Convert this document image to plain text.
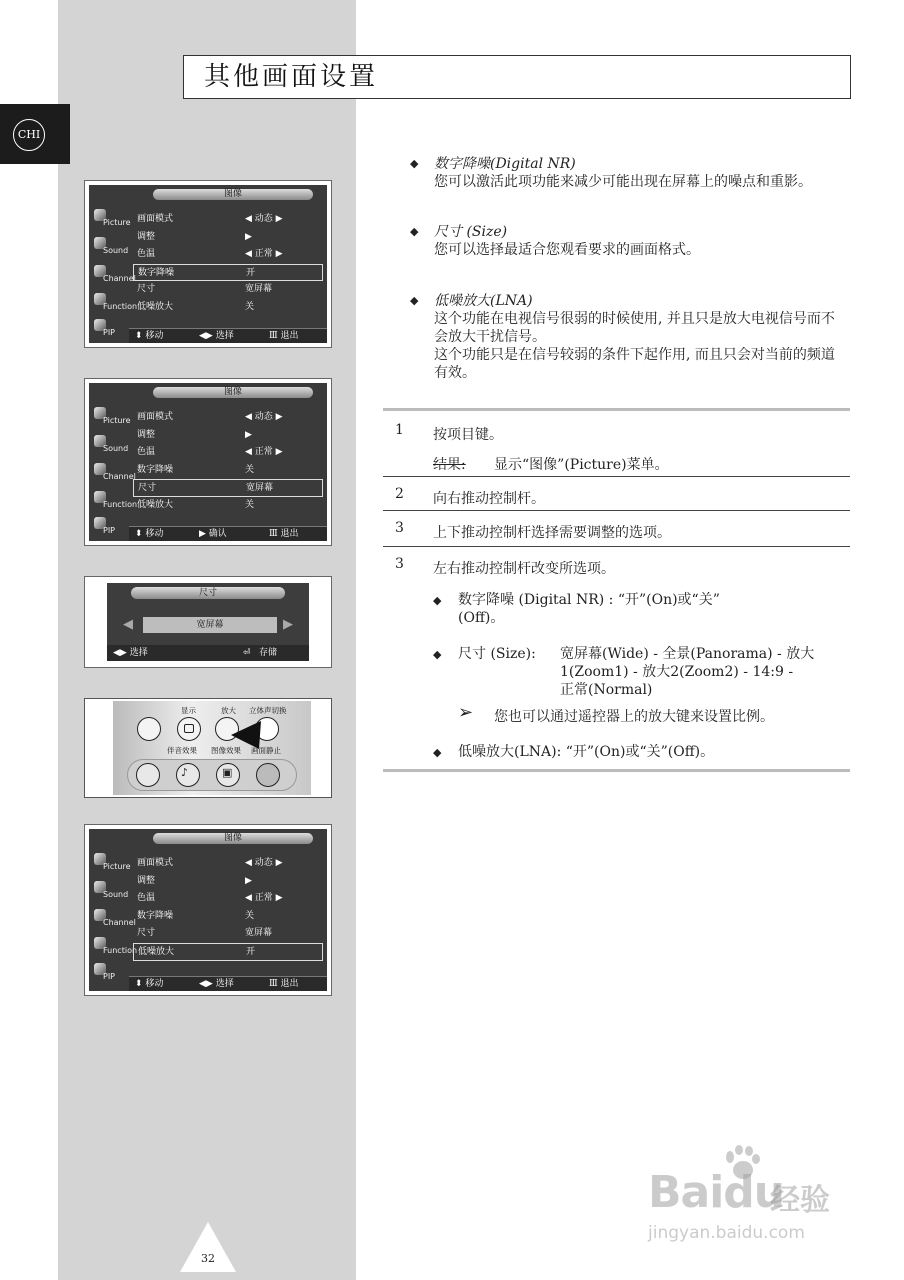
其他画面设置
CHI
图像
Picture
Sound
Channel
Function
PIP
画面模式	◀ 动态 ▶
调整	▶
色温	◀ 正常 ▶
数字降噪	开
尺寸	宽屏幕
低噪放大	关
⬍ 移动	◀▶ 选择	Ⅲ 退出
图像
Picture
Sound
Channel
Function
PIP
画面模式	◀ 动态 ▶
调整	▶
色温	◀ 正常 ▶
数字降噪	关
尺寸	宽屏幕
低噪放大	关
⬍ 移动	▶ 确认	Ⅲ 退出
尺寸
◀	宽屏幕	▶
◀▶ 选择	⏎ 存储
显示	放大 立体声切换
伴音效果 图像效果 画面静止
♪	▣
图像
Picture
Sound
Channel
Function
PIP
画面模式	◀ 动态 ▶
调整	▶
色温	◀ 正常 ▶
数字降噪	关
尺寸	宽屏幕
低噪放大	开
⬍ 移动	◀▶ 选择	Ⅲ 退出
◆ 数字降噪(Digital NR)
您可以激活此项功能来减少可能出现在屏幕上的噪点和重影。
◆ 尺寸 (Size)
您可以选择最适合您观看要求的画面格式。
◆ 低噪放大(LNA)
这个功能在电视信号很弱的时候使用, 并且只是放大电视信号而不会放大干扰信号。
这个功能只是在信号较弱的条件下起作用, 而且只会对当前的频道有效。
1 按项目键。
结果: 显示“图像”(Picture)菜单。
2 向右推动控制杆。
3 上下推动控制杆选择需要调整的选项。
3 左右推动控制杆改变所选项。
◆ 数字降噪 (Digital NR) : “开”(On)或“关”
(Off)。
◆ 尺寸 (Size): 宽屏幕(Wide) - 全景(Panorama) - 放大
1(Zoom1) - 放大2(Zoom2) - 14:9 -
正常(Normal)
➢ 您也可以通过遥控器上的放大键来设置比例。
◆ 低噪放大(LNA): “开”(On)或“关”(Off)。
Baidu
经验
jingyan.baidu.com
32
